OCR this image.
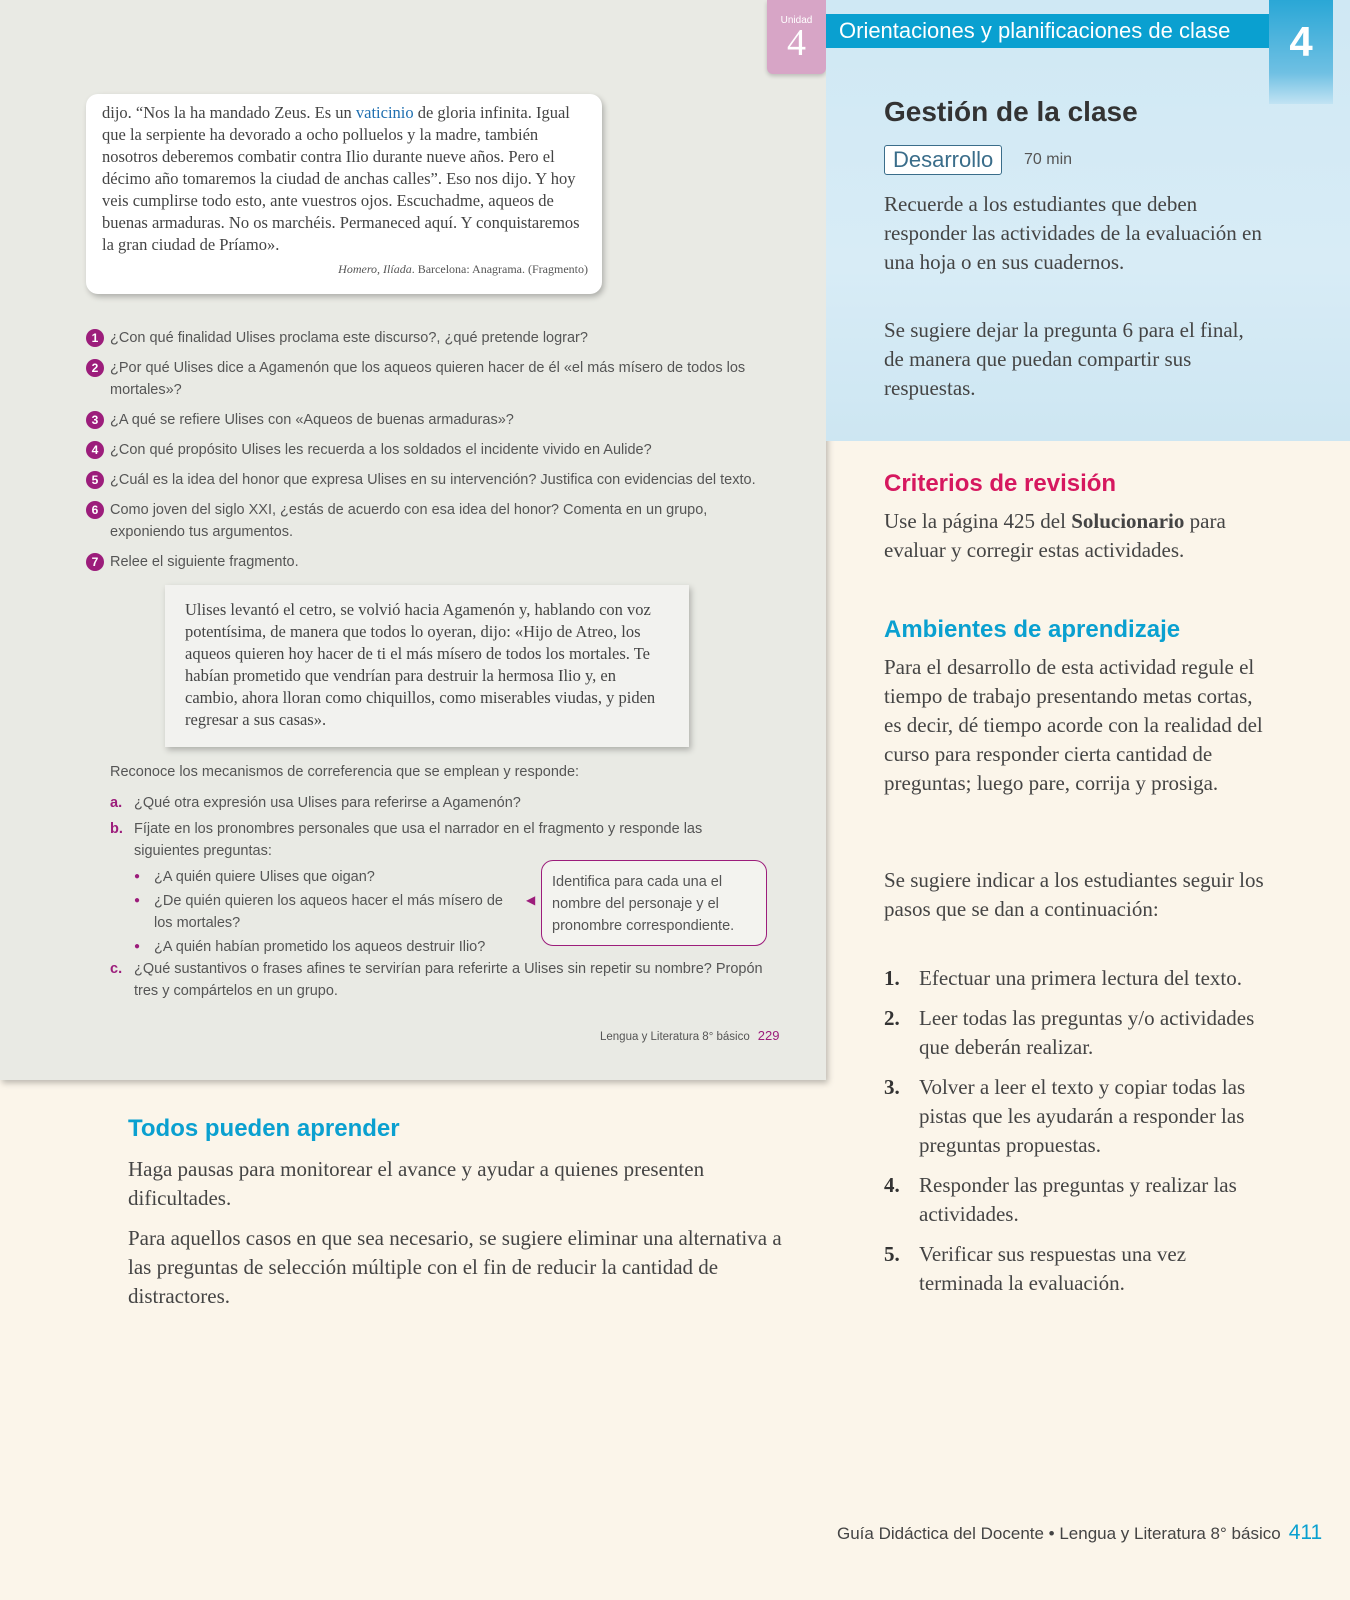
Unidad
4

dijo. “Nos la ha mandado Zeus. Es un vaticinio de gloria infinita. Igual que la serpiente ha devorado a ocho polluelos y la madre, también nosotros deberemos combatir contra Ilio durante nueve años. Pero el décimo año tomaremos la ciudad de anchas calles”. Eso nos dijo. Y hoy veis cumplirse todo esto, ante vuestros ojos. Escuchadme, aqueos de buenas armaduras. No os marchéis. Permaneced aquí. Y conquistaremos la gran ciudad de Príamo».

Homero, Ilíada. Barcelona: Anagrama. (Fragmento)
1 ¿Con qué finalidad Ulises proclama este discurso?, ¿qué pretende lograr?
2 ¿Por qué Ulises dice a Agamenón que los aqueos quieren hacer de él «el más mísero de todos los mortales»?
3 ¿A qué se refiere Ulises con «Aqueos de buenas armaduras»?
4 ¿Con qué propósito Ulises les recuerda a los soldados el incidente vivido en Aulide?
5 ¿Cuál es la idea del honor que expresa Ulises en su intervención? Justifica con evidencias del texto.
6 Como joven del siglo XXI, ¿estás de acuerdo con esa idea del honor? Comenta en un grupo, exponiendo tus argumentos.
7 Relee el siguiente fragmento.

Ulises levantó el cetro, se volvió hacia Agamenón y, hablando con voz potentísima, de manera que todos lo oyeran, dijo: «Hijo de Atreo, los aqueos quieren hoy hacer de ti el más mísero de todos los mortales. Te habían prometido que vendrían para destruir la hermosa Ilio y, en cambio, ahora lloran como chiquillos, como miserables viudas, y piden regresar a sus casas».

Reconoce los mecanismos de correferencia que se emplean y responde:
a. ¿Qué otra expresión usa Ulises para referirse a Agamenón?
b. Fíjate en los pronombres personales que usa el narrador en el fragmento y responde las siguientes preguntas:
● ¿A quién quiere Ulises que oigan?
● ¿De quién quieren los aqueos hacer el más mísero de los mortales?
● ¿A quién habían prometido los aqueos destruir Ilio?
◀
Identifica para cada una el nombre del personaje y el pronombre correspondiente.
c. ¿Qué sustantivos o frases afines te servirían para referirte a Ulises sin repetir su nombre? Propón tres y compártelos en un grupo.
Lengua y Literatura 8° básico 229
Orientaciones y planificaciones de clase	4
Gestión de la clase
Desarrollo	70 min

Recuerde a los estudiantes que deben responder las actividades de la evaluación en una hoja o en sus cuadernos.

Se sugiere dejar la pregunta 6 para el final, de manera que puedan compartir sus respuestas.

Criterios de revisión

Use la página 425 del Solucionario para evaluar y corregir estas actividades.

Ambientes de aprendizaje

Para el desarrollo de esta actividad regule el tiempo de trabajo presentando metas cortas, es decir, dé tiempo acorde con la realidad del curso para responder cierta cantidad de preguntas; luego pare, corrija y prosiga.

Se sugiere indicar a los estudiantes seguir los pasos que se dan a continuación:

1. Efectuar una primera lectura del texto.
2. Leer todas las preguntas y/o actividades que deberán realizar.
3. Volver a leer el texto y copiar todas las pistas que les ayudarán a responder las preguntas propuestas.
4. Responder las preguntas y realizar las actividades.
5. Verificar sus respuestas una vez terminada la evaluación.
Todos pueden aprender

Haga pausas para monitorear el avance y ayudar a quienes presenten dificultades.

Para aquellos casos en que sea necesario, se sugiere eliminar una alternativa a las preguntas de selección múltiple con el fin de reducir la cantidad de distractores.

Guía Didáctica del Docente • Lengua y Literatura 8° básico 411
